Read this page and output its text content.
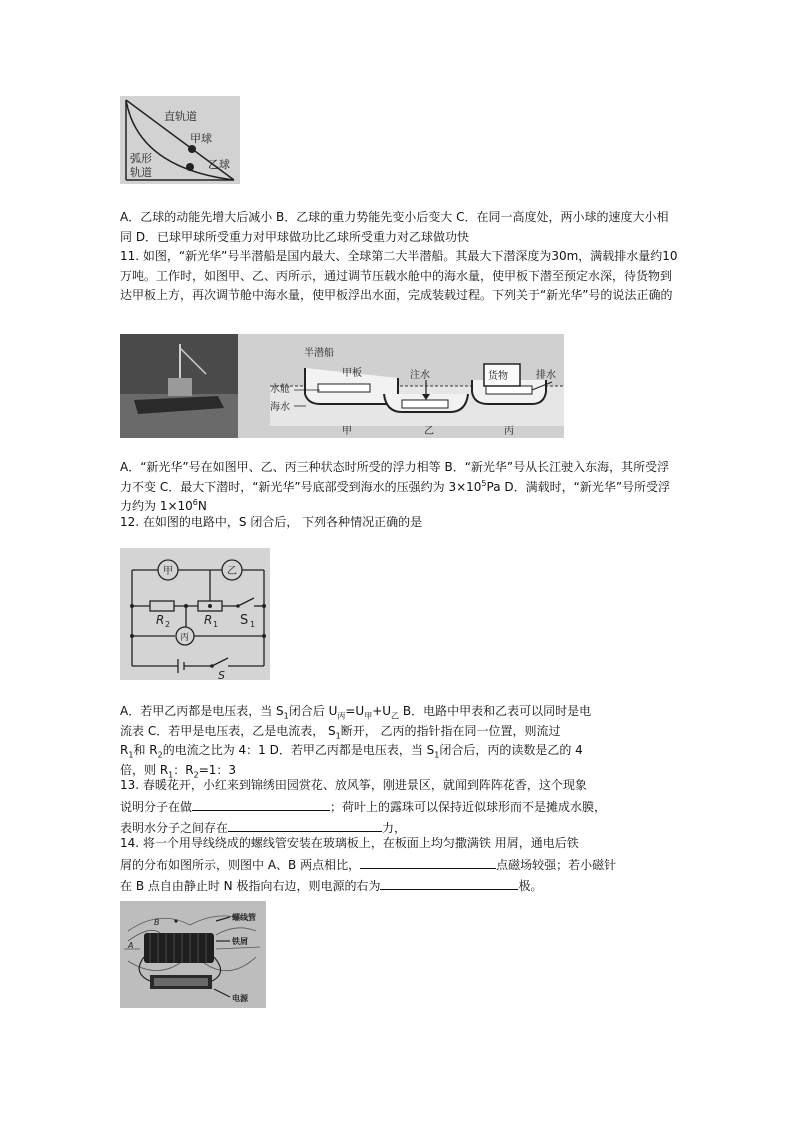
直轨道
甲球
弧形
轨道
乙球
A．乙球的动能先增大后减小 B．乙球的重力势能先变小后变大 C．在同一高度处，两小球的速度大小相同 D．已球甲球所受重力对甲球做功比乙球所受重力对乙球做功快
11. 如图，“新光华”号半潜船是国内最大、全球第二大半潜船。其最大下潜深度为30m，满载排水量约10万吨。工作时，如图甲、乙、丙所示，通过调节压载水舱中的海水量，使甲板下潜至预定水深，待货物到达甲板上方，再次调节舱中海水量，使甲板浮出水面，完成装载过程。下列关于“新光华”号的说法正确的
半潜船
甲板	注水	货物	排水
水舱
海水
甲	乙	丙
A．“新光华”号在如图甲、乙、丙三种状态时所受的浮力相等 B．“新光华”号从长江驶入东海，其所受浮力不变 C．最大下潜时，“新光华”号底部受到海水的压强约为 $3\times 10^5Pa$ D．满载时，“新光华”号所受浮力约为 $1\times 10^6N$
12. 在如图的电路中，S 闭合后， 下列各种情况正确的是
甲	乙
R 2	R 1 S 1
丙
S
A．若甲乙丙都是电压表，当 $S_1$闭合后 $U_丙=U_甲+U_乙$ B．电路中甲表和乙表可以同时是电
流表 C．若甲是电压表，乙是电流表， $S_1$断开， 乙丙的指针指在同一位置，则流过
$R_1$和 $R_2$的电流之比为 4：1 D．若甲乙丙都是电压表，当 $S_1$闭合后，丙的读数是乙的 4
倍，则 $R_1$：$R_2=1$：3
13. 春暖花开，小红来到锦绣田园赏花、放风筝，刚进景区，就闻到阵阵花香，这个现象
说明分子在做	；荷叶上的露珠可以保持近似球形而不是摊成水膜，
表明水分子之间存在	力，
14. 将一个用导线绕成的螺线管安装在玻璃板上，在板面上均匀撒满铁 用屑，通电后铁
屑的分布如图所示，则图中 A、B 两点相比，	点磁场较强；若小磁针
在 B 点自由静止时 N 极指向右边，则电源的右为	极。
B
A
螺线管
铁屑
电源
